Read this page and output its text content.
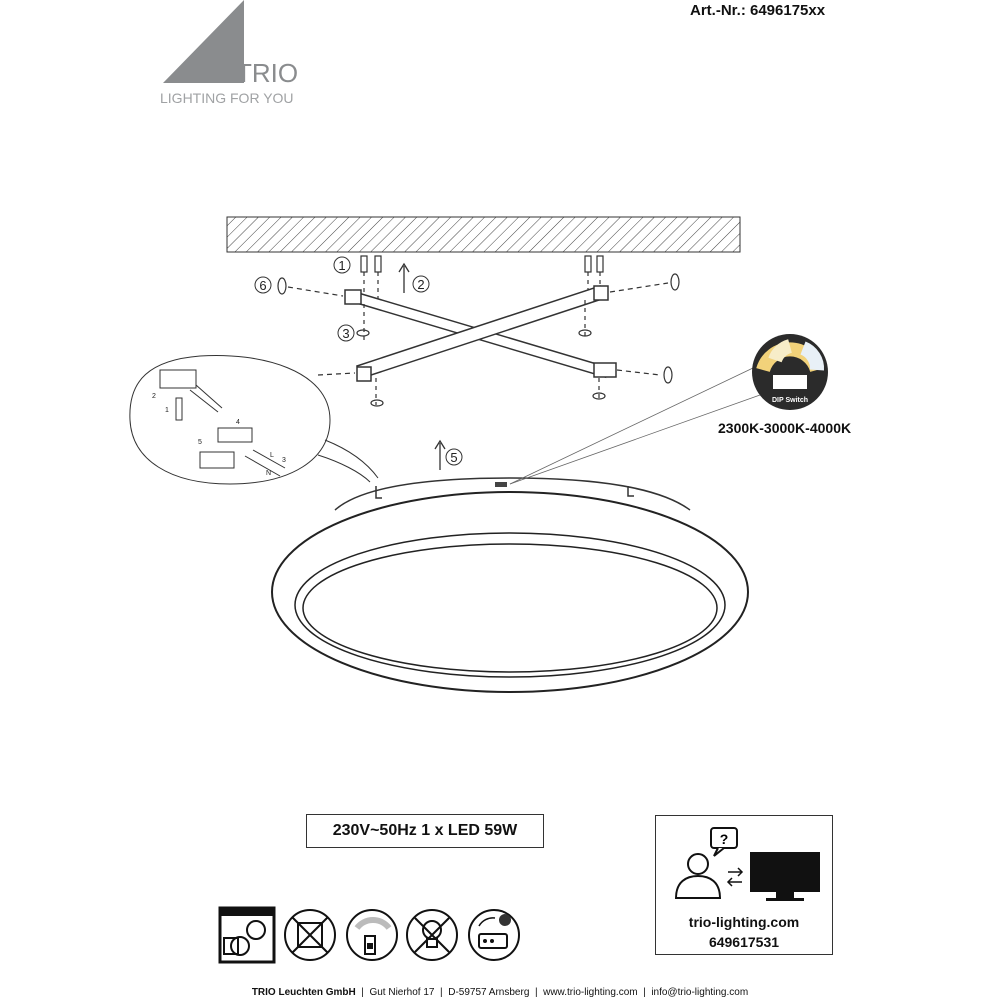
TRIO
LIGHTING FOR YOU
Art.-Nr.: 6496175xx
1
2
3
5
6
L
N
1
2
3
4
5
DIP Switch
2300K-3000K-4000K
230V~50Hz 1 x LED 59W	?
trio-lighting.com
649617531
TRIO Leuchten GmbH  |  Gut Nierhof 17  |  D-59757 Arnsberg  |  www.trio-lighting.com  |  info@trio-lighting.com
